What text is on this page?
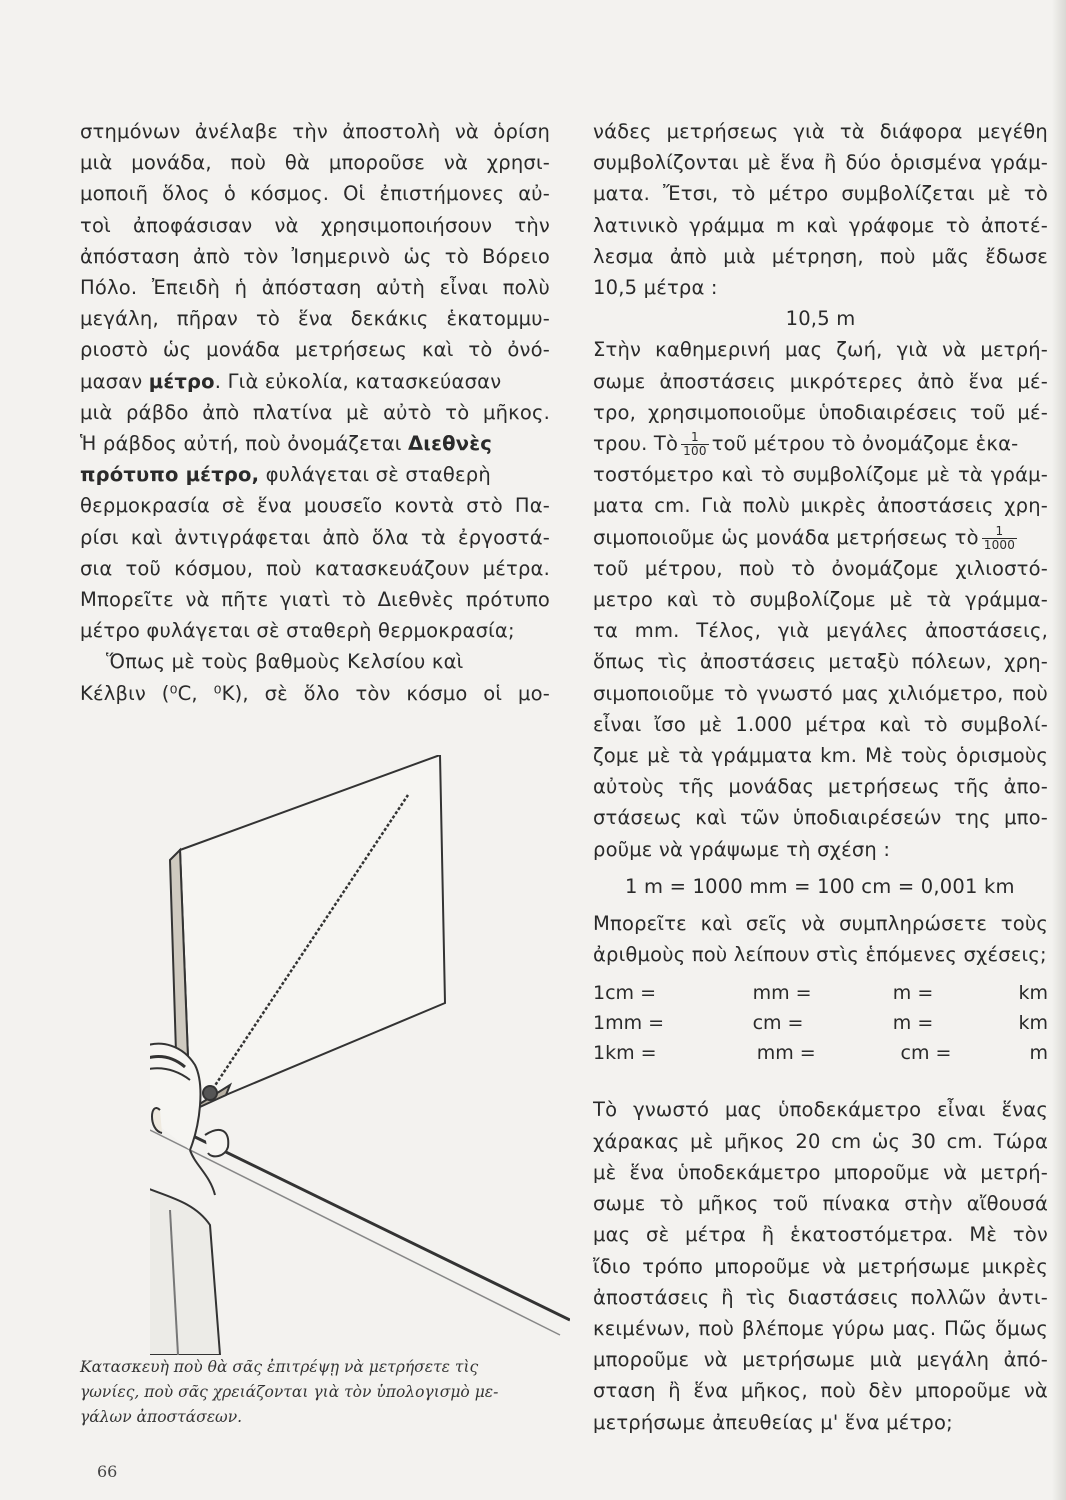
στημόνων ἀνέλαβε τὴν ἀποστολὴ νὰ ὁρίση
μιὰ μονάδα, ποὺ θὰ μποροῦσε νὰ χρησι-
μοποιῆ ὅλος ὁ κόσμος. Οἱ ἐπιστήμονες αὐ-
τοὶ ἀποφάσισαν νὰ χρησιμοποιήσουν τὴν
ἀπόσταση ἀπὸ τὸν Ἰσημερινὸ ὡς τὸ Βόρειο
Πόλο. Ἐπειδὴ ἡ ἀπόσταση αὐτὴ εἶναι πολὺ
μεγάλη, πῆραν τὸ ἕνα δεκάκις ἑκατομμυ-
ριοστὸ ὡς μονάδα μετρήσεως καὶ τὸ ὀνό-
μασαν μέτρο. Γιὰ εὐκολία, κατασκεύασαν
μιὰ ράβδο ἀπὸ πλατίνα μὲ αὐτὸ τὸ μῆκος.
Ἡ ράβδος αὐτή, ποὺ ὀνομάζεται Διεθνὲς
πρότυπο μέτρο, φυλάγεται σὲ σταθερὴ
θερμοκρασία σὲ ἕνα μουσεῖο κοντὰ στὸ Πα-
ρίσι καὶ ἀντιγράφεται ἀπὸ ὅλα τὰ ἐργοστά-
σια τοῦ κόσμου, ποὺ κατασκευάζουν μέτρα.
Μπορεῖτε νὰ πῆτε γιατὶ τὸ Διεθνὲς πρότυπο
μέτρο φυλάγεται σὲ σταθερὴ θερμοκρασία;
Ὅπως μὲ τοὺς βαθμοὺς Κελσίου καὶ
Κέλβιν (⁰C, ⁰K), σὲ ὅλο τὸν κόσμο οἱ μο-
νάδες μετρήσεως γιὰ τὰ διάφορα μεγέθη
συμβολίζονται μὲ ἕνα ἢ δύο ὁρισμένα γράμ-
ματα. Ἔτσι, τὸ μέτρο συμβολίζεται μὲ τὸ
λατινικὸ γράμμα m καὶ γράφομε τὸ ἀποτέ-
λεσμα ἀπὸ μιὰ μέτρηση, ποὺ μᾶς ἔδωσε
10,5 μέτρα :
10,5 m
Στὴν καθημερινή μας ζωή, γιὰ νὰ μετρή-
σωμε ἀποστάσεις μικρότερες ἀπὸ ἕνα μέ-
τρο, χρησιμοποιοῦμε ὑποδιαιρέσεις τοῦ μέ-
τρου. Τὸ $\frac{1}{100}$ τοῦ μέτρου τὸ ὀνομάζομε ἑκα-
τοστόμετρο καὶ τὸ συμβολίζομε μὲ τὰ γράμ-
ματα cm. Γιὰ πολὺ μικρὲς ἀποστάσεις χρη-
σιμοποιοῦμε ὡς μονάδα μετρήσεως τὸ $\frac{1}{1000}$
τοῦ μέτρου, ποὺ τὸ ὀνομάζομε χιλιοστό-
μετρο καὶ τὸ συμβολίζομε μὲ τὰ γράμμα-
τα mm. Τέλος, γιὰ μεγάλες ἀποστάσεις,
ὅπως τὶς ἀποστάσεις μεταξὺ πόλεων, χρη-
σιμοποιοῦμε τὸ γνωστό μας χιλιόμετρο, ποὺ
εἶναι ἴσο μὲ 1.000 μέτρα καὶ τὸ συμβολί-
ζομε μὲ τὰ γράμματα km. Μὲ τοὺς ὁρισμοὺς
αὐτοὺς τῆς μονάδας μετρήσεως τῆς ἀπο-
στάσεως καὶ τῶν ὑποδιαιρέσεών της μπο-
ροῦμε νὰ γράψωμε τὴ σχέση :
1 m = 1000 mm = 100 cm = 0,001 km
Μπορεῖτε καὶ σεῖς νὰ συμπληρώσετε τοὺς
ἀριθμοὺς ποὺ λείπουν στὶς ἑπόμενες σχέσεις;
1cm =	mm =	m =	km
1mm =	cm =	m =	km
1km =	mm =	cm =	m
Τὸ γνωστό μας ὑποδεκάμετρο εἶναι ἕνας
χάρακας μὲ μῆκος 20 cm ὡς 30 cm. Τώρα
μὲ ἕνα ὑποδεκάμετρο μποροῦμε νὰ μετρή-
σωμε τὸ μῆκος τοῦ πίνακα στὴν αἴθουσά
μας σὲ μέτρα ἢ ἑκατοστόμετρα. Μὲ τὸν
ἴδιο τρόπο μποροῦμε νὰ μετρήσωμε μικρὲς
ἀποστάσεις ἢ τὶς διαστάσεις πολλῶν ἀντι-
κειμένων, ποὺ βλέπομε γύρω μας. Πῶς ὅμως
μποροῦμε νὰ μετρήσωμε μιὰ μεγάλη ἀπό-
σταση ἢ ἕνα μῆκος, ποὺ δὲν μποροῦμε νὰ
μετρήσωμε ἀπευθείας μ' ἕνα μέτρο;
Κατασκευὴ ποὺ θὰ σᾶς ἐπιτρέψῃ νὰ μετρήσετε τὶς
γωνίες, ποὺ σᾶς χρειάζονται γιὰ τὸν ὑπολογισμὸ με-
γάλων ἀποστάσεων.
66
